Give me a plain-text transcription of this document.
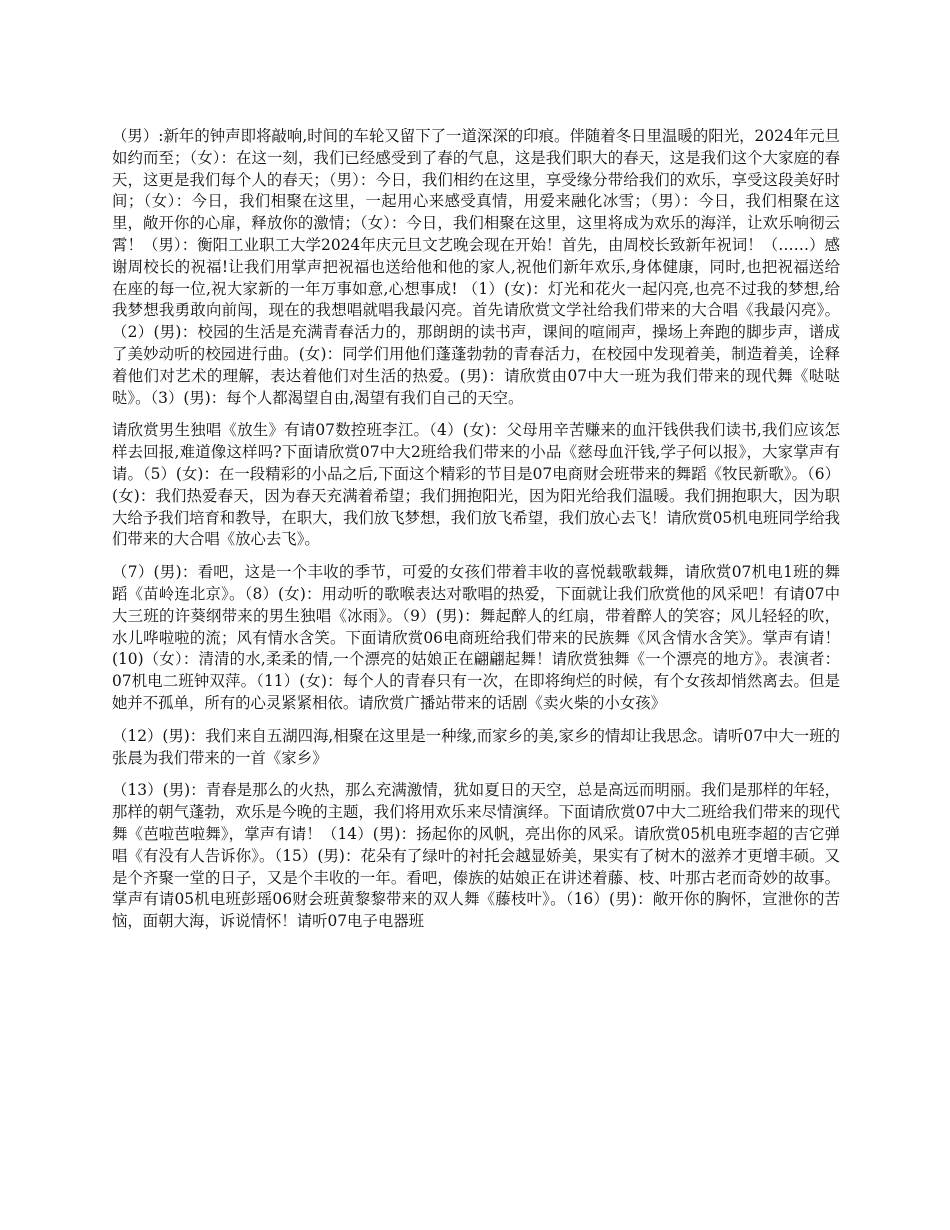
（男）:新年的钟声即将敲响,时间的车轮又留下了一道深深的印痕。伴随着冬日里温暖的阳光，2024年元旦如约而至；（女）：在这一刻，我们已经感受到了春的气息，这是我们职大的春天，这是我们这个大家庭的春天，这更是我们每个人的春天；（男）：今日，我们相约在这里，享受缘分带给我们的欢乐，享受这段美好时间；（女）：今日，我们相聚在这里，一起用心来感受真情，用爱来融化冰雪；（男）：今日，我们相聚在这里，敞开你的心扉，释放你的激情；（女）：今日，我们相聚在这里，这里将成为欢乐的海洋，让欢乐响彻云霄！（男）：衡阳工业职工大学2024年庆元旦文艺晚会现在开始！首先，由周校长致新年祝词！（……）感谢周校长的祝福!让我们用掌声把祝福也送给他和他的家人,祝他们新年欢乐,身体健康，同时,也把祝福送给在座的每一位,祝大家新的一年万事如意,心想事成! （1）(女)：灯光和花火一起闪亮,也亮不过我的梦想,给我梦想我勇敢向前闯，现在的我想唱就唱我最闪亮。首先请欣赏文学社给我们带来的大合唱《我最闪亮》。（2）(男)：校园的生活是充满青春活力的，那朗朗的读书声，课间的喧闹声，操场上奔跑的脚步声，谱成了美妙动听的校园进行曲。(女)：同学们用他们蓬蓬勃勃的青春活力，在校园中发现着美，制造着美，诠释着他们对艺术的理解，表达着他们对生活的热爱。(男)：请欣赏由07中大一班为我们带来的现代舞《哒哒哒》。（3）(男)：每个人都渴望自由,渴望有我们自己的天空。

请欣赏男生独唱《放生》有请07数控班李江。（4）(女)：父母用辛苦赚来的血汗钱供我们读书,我们应该怎样去回报,难道像这样吗?下面请欣赏07中大2班给我们带来的小品《慈母血汗钱,学子何以报》，大家掌声有请。（5）(女)：在一段精彩的小品之后,下面这个精彩的节目是07电商财会班带来的舞蹈《牧民新歌》。（6）(女)：我们热爱春天，因为春天充满着希望；我们拥抱阳光，因为阳光给我们温暖。我们拥抱职大，因为职大给予我们培育和教导，在职大，我们放飞梦想，我们放飞希望，我们放心去飞！请欣赏05机电班同学给我们带来的大合唱《放心去飞》。

（7）(男)：看吧，这是一个丰收的季节，可爱的女孩们带着丰收的喜悦载歌载舞，请欣赏07机电1班的舞蹈《苗岭连北京》。（8）(女)：用动听的歌喉表达对歌唱的热爱，下面就让我们欣赏他的风采吧！有请07中大三班的许葵纲带来的男生独唱《冰雨》。（9）(男)：舞起醉人的红扇，带着醉人的笑容；风儿轻轻的吹，水儿哗啦啦的流；风有情水含笑。下面请欣赏06电商班给我们带来的民族舞《风含情水含笑》。掌声有请！(10)（女）：清清的水,柔柔的情,一个漂亮的姑娘正在翩翩起舞！请欣赏独舞《一个漂亮的地方》。表演者：07机电二班钟双萍。（11）(女)：每个人的青春只有一次，在即将绚烂的时候，有个女孩却悄然离去。但是她并不孤单，所有的心灵紧紧相依。请欣赏广播站带来的话剧《卖火柴的小女孩》

（12）(男)：我们来自五湖四海,相聚在这里是一种缘,而家乡的美,家乡的情却让我思念。请听07中大一班的张晨为我们带来的一首《家乡》

（13）(男)：青春是那么的火热，那么充满激情，犹如夏日的天空，总是高远而明丽。我们是那样的年轻，那样的朝气蓬勃，欢乐是今晚的主题，我们将用欢乐来尽情演绎。下面请欣赏07中大二班给我们带来的现代舞《芭啦芭啦舞》，掌声有请！（14）(男)：扬起你的风帆，亮出你的风采。请欣赏05机电班李超的吉它弹唱《有没有人告诉你》。（15）(男)：花朵有了绿叶的衬托会越显娇美，果实有了树木的滋养才更增丰硕。又是个齐聚一堂的日子，又是个丰收的一年。看吧，傣族的姑娘正在讲述着藤、枝、叶那古老而奇妙的故事。掌声有请05机电班彭瑶06财会班黄黎黎带来的双人舞《藤枝叶》。（16）(男)：敞开你的胸怀，宣泄你的苦恼，面朝大海，诉说情怀！请听07电子电器班
